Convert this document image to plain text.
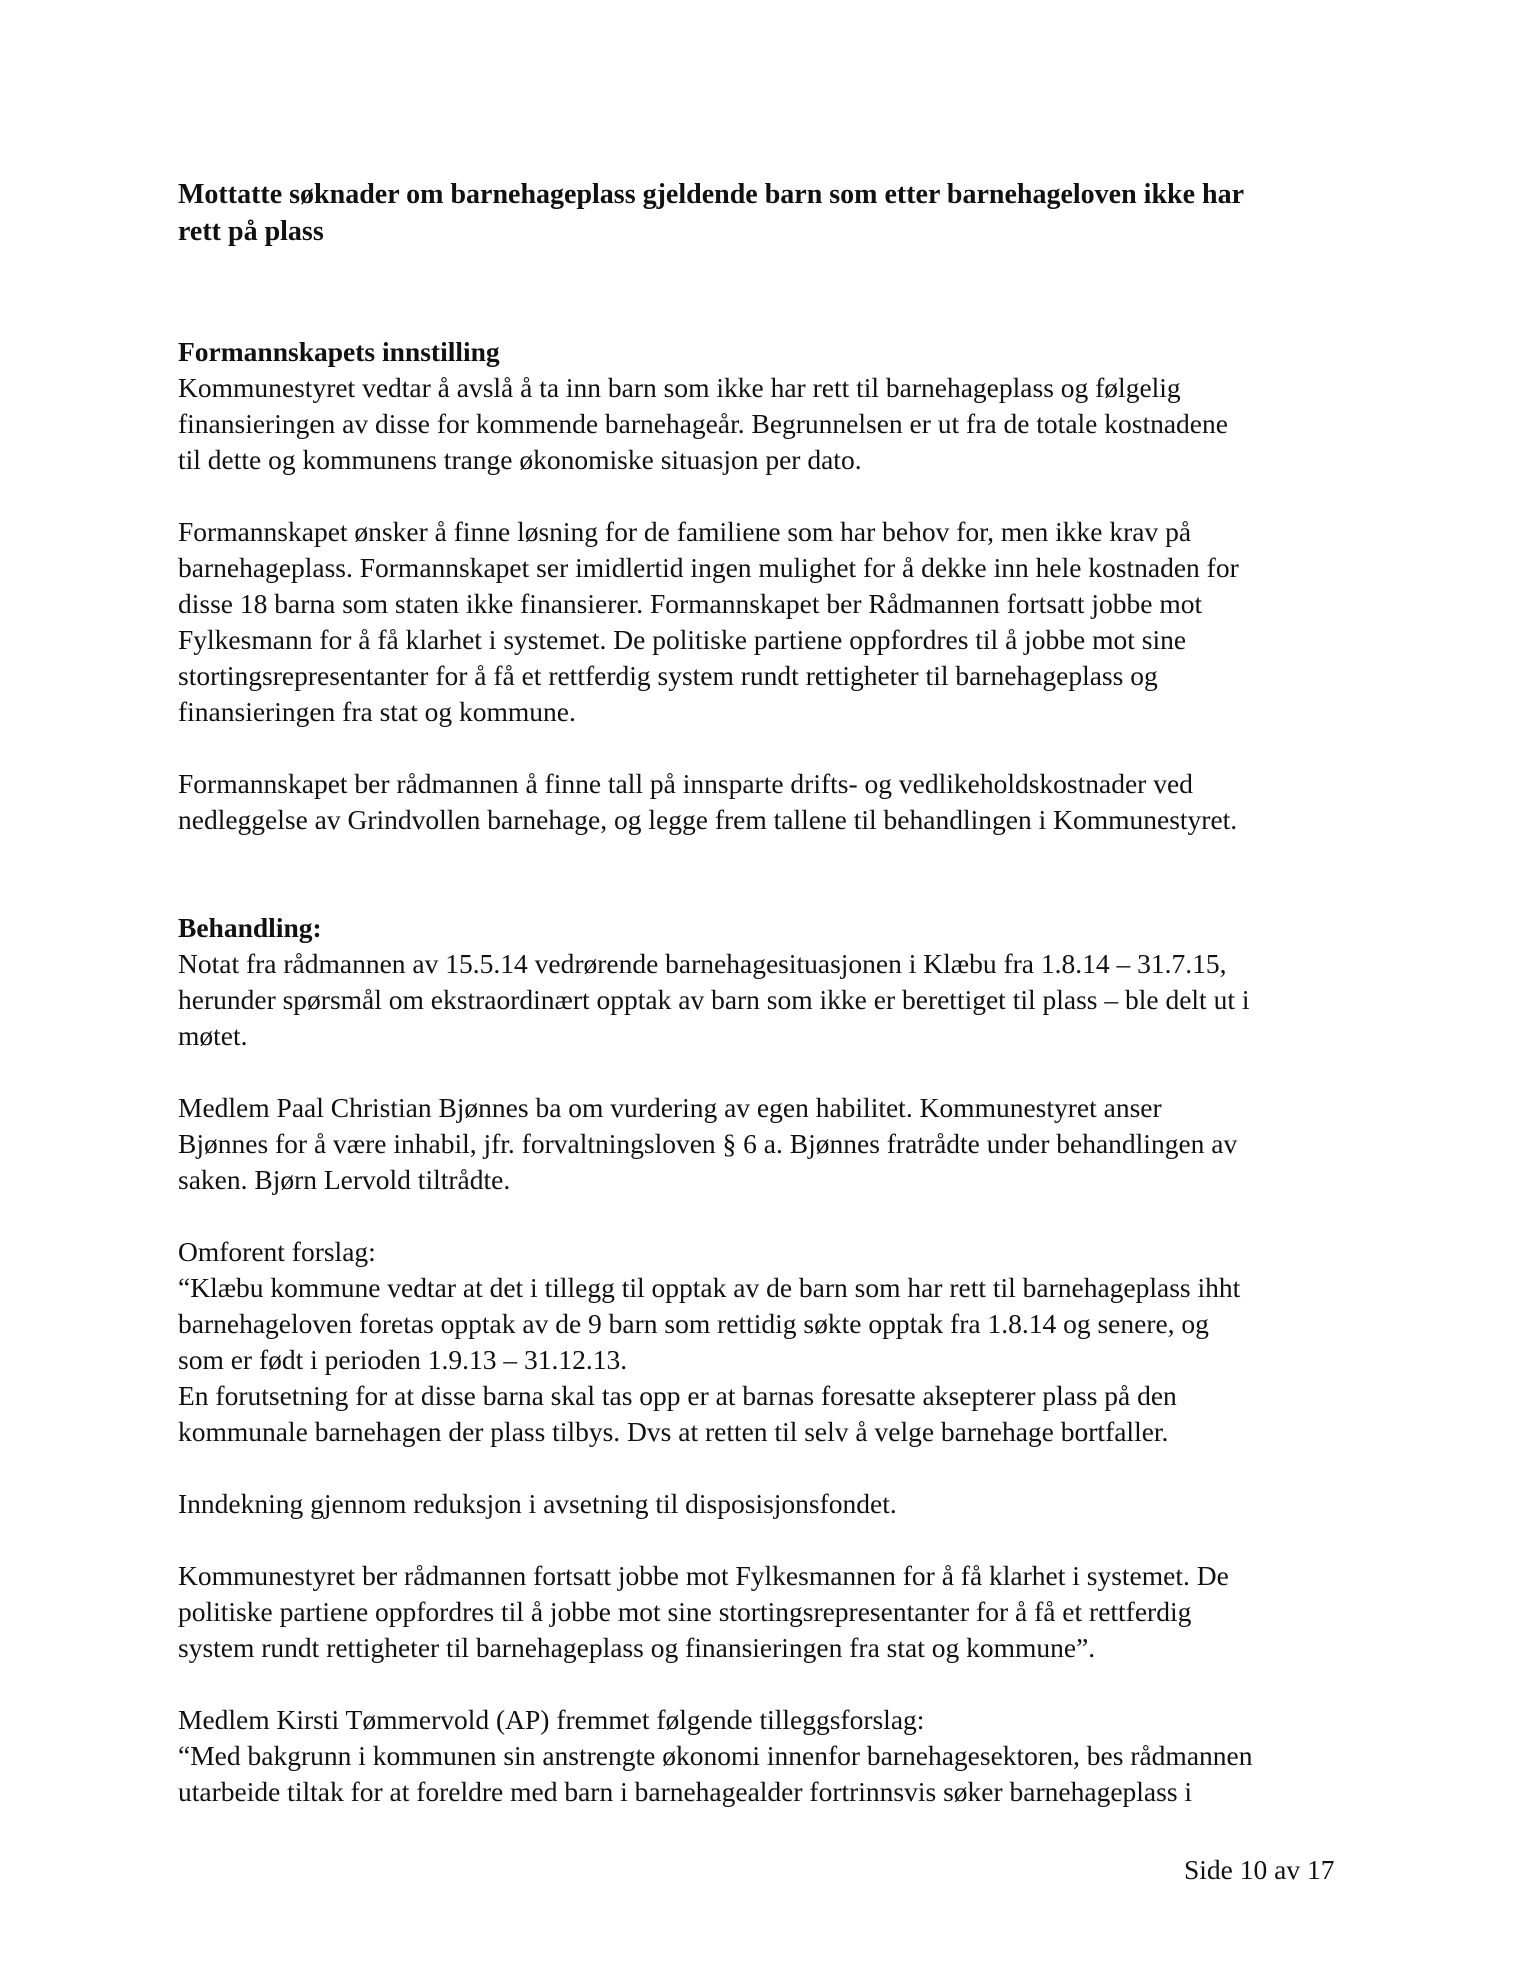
Mottatte søknader om barnehageplass gjeldende barn som etter barnehageloven ikke har
rett på plass

Formannskapets innstilling

Kommunestyret vedtar å avslå å ta inn barn som ikke har rett til barnehageplass og følgelig
finansieringen av disse for kommende barnehageår. Begrunnelsen er ut fra de totale kostnadene
til dette og kommunens trange økonomiske situasjon per dato.

Formannskapet ønsker å finne løsning for de familiene som har behov for, men ikke krav på
barnehageplass. Formannskapet ser imidlertid ingen mulighet for å dekke inn hele kostnaden for
disse 18 barna som staten ikke finansierer. Formannskapet ber Rådmannen fortsatt jobbe mot
Fylkesmann for å få klarhet i systemet. De politiske partiene oppfordres til å jobbe mot sine
stortingsrepresentanter for å få et rettferdig system rundt rettigheter til barnehageplass og
finansieringen fra stat og kommune.

Formannskapet ber rådmannen å finne tall på innsparte drifts- og vedlikeholdskostnader ved
nedleggelse av Grindvollen barnehage, og legge frem tallene til behandlingen i Kommunestyret.

Behandling:

Notat fra rådmannen av 15.5.14 vedrørende barnehagesituasjonen i Klæbu fra 1.8.14 – 31.7.15,
herunder spørsmål om ekstraordinært opptak av barn som ikke er berettiget til plass – ble delt ut i
møtet.

Medlem Paal Christian Bjønnes ba om vurdering av egen habilitet. Kommunestyret anser
Bjønnes for å være inhabil, jfr. forvaltningsloven § 6 a. Bjønnes fratrådte under behandlingen av
saken. Bjørn Lervold tiltrådte.

Omforent forslag:
“Klæbu kommune vedtar at det i tillegg til opptak av de barn som har rett til barnehageplass ihht
barnehageloven foretas opptak av de 9 barn som rettidig søkte opptak fra 1.8.14 og senere, og
som er født i perioden 1.9.13 – 31.12.13.
En forutsetning for at disse barna skal tas opp er at barnas foresatte aksepterer plass på den
kommunale barnehagen der plass tilbys. Dvs at retten til selv å velge barnehage bortfaller.

Inndekning gjennom reduksjon i avsetning til disposisjonsfondet.

Kommunestyret ber rådmannen fortsatt jobbe mot Fylkesmannen for å få klarhet i systemet. De
politiske partiene oppfordres til å jobbe mot sine stortingsrepresentanter for å få et rettferdig
system rundt rettigheter til barnehageplass og finansieringen fra stat og kommune”.

Medlem Kirsti Tømmervold (AP) fremmet følgende tilleggsforslag:
“Med bakgrunn i kommunen sin anstrengte økonomi innenfor barnehagesektoren, bes rådmannen
utarbeide tiltak for at foreldre med barn i barnehagealder fortrinnsvis søker barnehageplass i

Side 10 av 17
